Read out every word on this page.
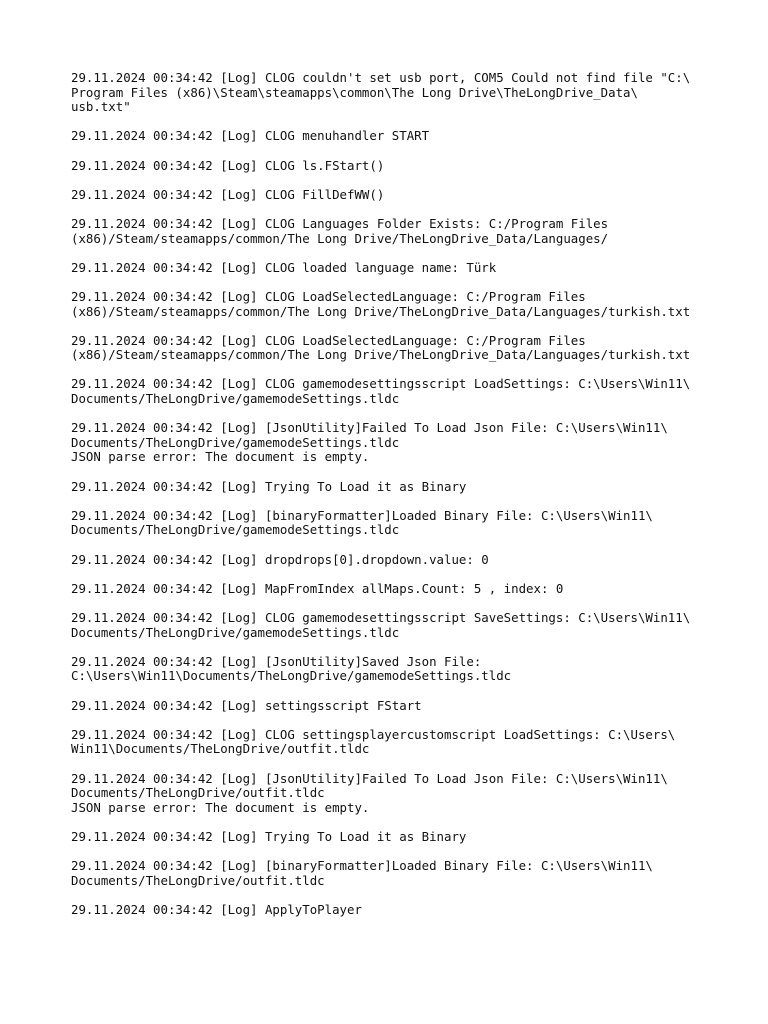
29.11.2024 00:34:42 [Log] CLOG couldn't set usb port, COM5 Could not find file "C:\
Program Files (x86)\Steam\steamapps\common\The Long Drive\TheLongDrive_Data\
usb.txt"
29.11.2024 00:34:42 [Log] CLOG menuhandler START
29.11.2024 00:34:42 [Log] CLOG ls.FStart()
29.11.2024 00:34:42 [Log] CLOG FillDefWW()
29.11.2024 00:34:42 [Log] CLOG Languages Folder Exists: C:/Program Files
(x86)/Steam/steamapps/common/The Long Drive/TheLongDrive_Data/Languages/
29.11.2024 00:34:42 [Log] CLOG loaded language name: Türk
29.11.2024 00:34:42 [Log] CLOG LoadSelectedLanguage: C:/Program Files
(x86)/Steam/steamapps/common/The Long Drive/TheLongDrive_Data/Languages/turkish.txt
29.11.2024 00:34:42 [Log] CLOG LoadSelectedLanguage: C:/Program Files
(x86)/Steam/steamapps/common/The Long Drive/TheLongDrive_Data/Languages/turkish.txt
29.11.2024 00:34:42 [Log] CLOG gamemodesettingsscript LoadSettings: C:\Users\Win11\
Documents/TheLongDrive/gamemodeSettings.tldc
29.11.2024 00:34:42 [Log] [JsonUtility]Failed To Load Json File: C:\Users\Win11\
Documents/TheLongDrive/gamemodeSettings.tldc
JSON parse error: The document is empty.
29.11.2024 00:34:42 [Log] Trying To Load it as Binary
29.11.2024 00:34:42 [Log] [binaryFormatter]Loaded Binary File: C:\Users\Win11\
Documents/TheLongDrive/gamemodeSettings.tldc
29.11.2024 00:34:42 [Log] dropdrops[0].dropdown.value: 0
29.11.2024 00:34:42 [Log] MapFromIndex allMaps.Count: 5 , index: 0
29.11.2024 00:34:42 [Log] CLOG gamemodesettingsscript SaveSettings: C:\Users\Win11\
Documents/TheLongDrive/gamemodeSettings.tldc
29.11.2024 00:34:42 [Log] [JsonUtility]Saved Json File:
C:\Users\Win11\Documents/TheLongDrive/gamemodeSettings.tldc
29.11.2024 00:34:42 [Log] settingsscript FStart
29.11.2024 00:34:42 [Log] CLOG settingsplayercustomscript LoadSettings: C:\Users\
Win11\Documents/TheLongDrive/outfit.tldc
29.11.2024 00:34:42 [Log] [JsonUtility]Failed To Load Json File: C:\Users\Win11\
Documents/TheLongDrive/outfit.tldc
JSON parse error: The document is empty.
29.11.2024 00:34:42 [Log] Trying To Load it as Binary
29.11.2024 00:34:42 [Log] [binaryFormatter]Loaded Binary File: C:\Users\Win11\
Documents/TheLongDrive/outfit.tldc
29.11.2024 00:34:42 [Log] ApplyToPlayer
